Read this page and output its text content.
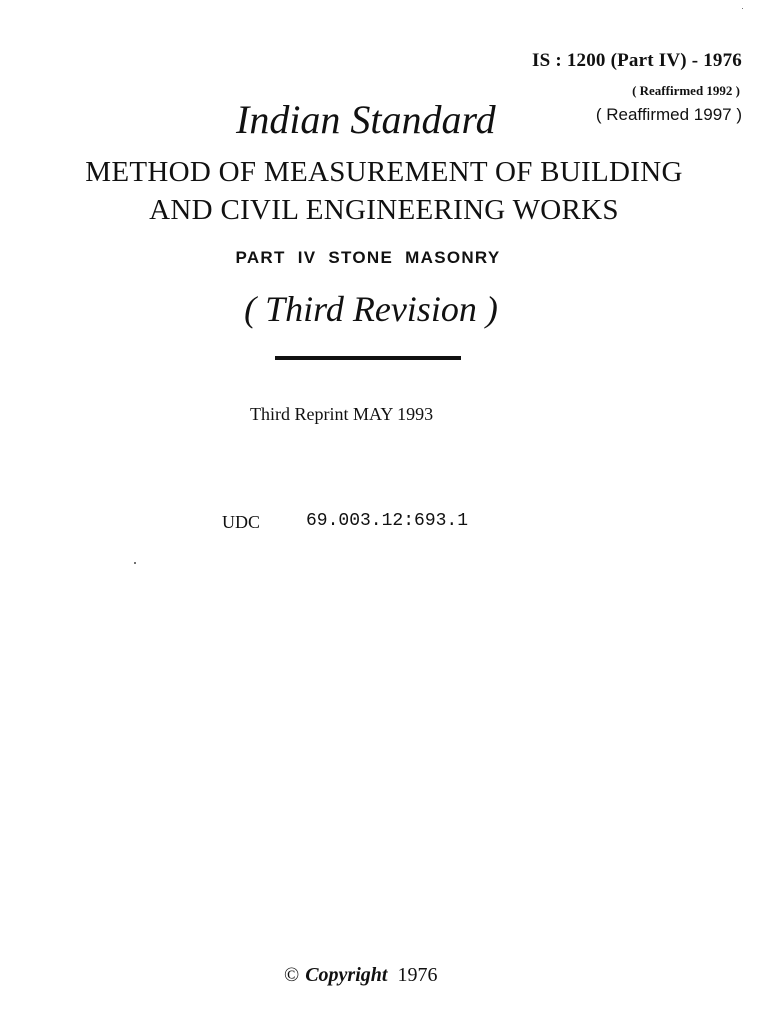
IS : 1200 (Part IV) - 1976
( Reaffirmed 1992 )
( Reaffirmed 1997 )
Indian Standard
METHOD OF MEASUREMENT OF BUILDING
AND CIVIL ENGINEERING WORKS
PART IV STONE MASONRY
( Third Revision )
Third Reprint MAY 1993
UDC	69.003.12:693.1
© Copyright 1976
